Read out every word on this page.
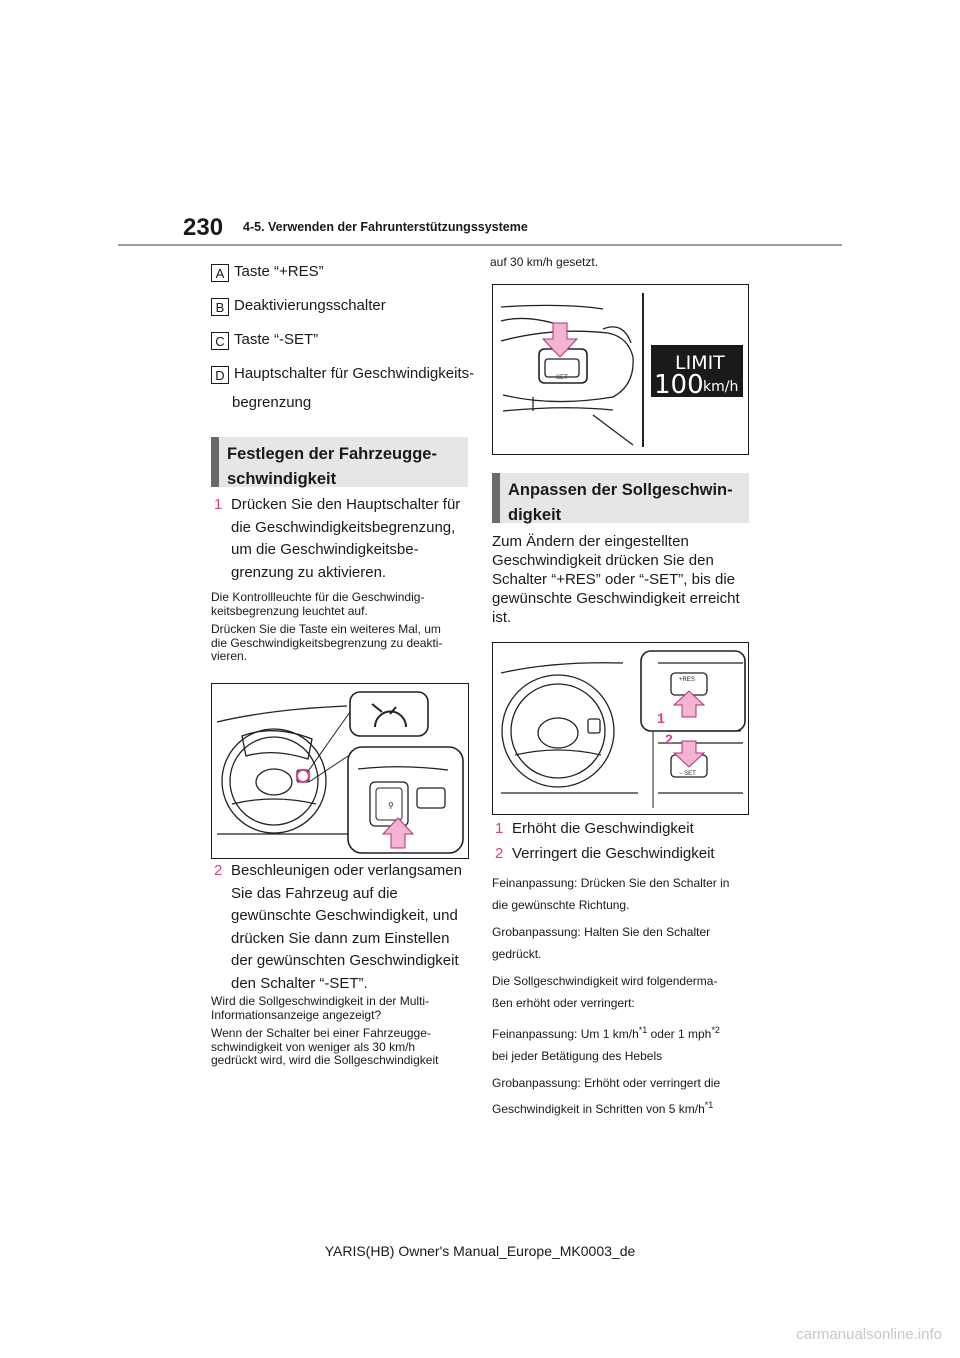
230 4-5. Verwenden der Fahrunterstützungssysteme
A Taste “+RES”
B Deaktivierungsschalter
C Taste “-SET”
D Hauptschalter für Geschwindigkeits-
begrenzung
Festlegen der Fahrzeugge-
schwindigkeit
1 Drücken Sie den Hauptschalter für
die Geschwindigkeitsbegrenzung,
um die Geschwindigkeitsbe-
grenzung zu aktivieren.

Die Kontrollleuchte für die Geschwindig-
keitsbegrenzung leuchtet auf.

Drücken Sie die Taste ein weiteres Mal, um
die Geschwindigkeitsbegrenzung zu deakti-
vieren.

⚲
2 Beschleunigen oder verlangsamen
Sie das Fahrzeug auf die
gewünschte Geschwindigkeit, und
drücken Sie dann zum Einstellen
der gewünschten Geschwindigkeit
den Schalter “-SET”.

Wird die Sollgeschwindigkeit in der Multi-
Informationsanzeige angezeigt?

Wenn der Schalter bei einer Fahrzeugge-
schwindigkeit von weniger als 30 km/h
gedrückt wird, wird die Sollgeschwindigkeit

auf 30 km/h gesetzt.
− SET
LIMIT
100 km/h
Anpassen der Sollgeschwin-
digkeit
Zum Ändern der eingestellten
Geschwindigkeit drücken Sie den
Schalter “+RES” oder “-SET”, bis die
gewünschte Geschwindigkeit erreicht
ist.
+RES
− SET
1
2
1 Erhöht die Geschwindigkeit
2 Verringert die Geschwindigkeit
Feinanpassung: Drücken Sie den Schalter in
die gewünschte Richtung.
Grobanpassung: Halten Sie den Schalter
gedrückt.
Die Sollgeschwindigkeit wird folgenderma-
ßen erhöht oder verringert:
Feinanpassung: Um 1 $km/h^{*1}$ oder 1 mph$^{*2}$
bei jeder Betätigung des Hebels
Grobanpassung: Erhöht oder verringert die
Geschwindigkeit in Schritten von 5 $km/h^{*1}$
YARIS(HB) Owner's Manual_Europe_MK0003_de
carmanualsonline.info
